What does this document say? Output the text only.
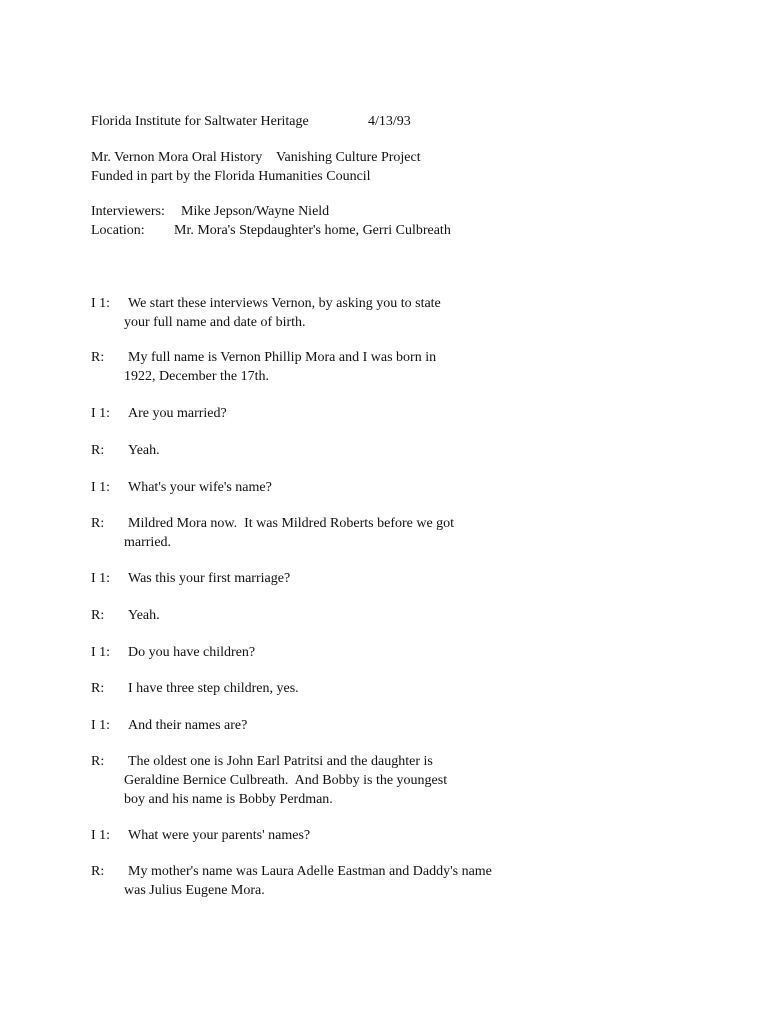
Florida Institute for Saltwater Heritage	4/13/93
Mr. Vernon Mora Oral History    Vanishing Culture Project
Funded in part by the Florida Humanities Council
Interviewers: Mike Jepson/Wayne Nield
Location: Mr. Mora's Stepdaughter's home, Gerri Culbreath
I 1: We start these interviews Vernon, by asking you to state
your full name and date of birth.
R: My full name is Vernon Phillip Mora and I was born in
1922, December the 17th.
I 1: Are you married?
R: Yeah.
I 1: What's your wife's name?
R: Mildred Mora now.  It was Mildred Roberts before we got
married.
I 1: Was this your first marriage?
R: Yeah.
I 1: Do you have children?
R: I have three step children, yes.
I 1: And their names are?
R: The oldest one is John Earl Patritsi and the daughter is
Geraldine Bernice Culbreath.  And Bobby is the youngest
boy and his name is Bobby Perdman.
I 1: What were your parents' names?
R: My mother's name was Laura Adelle Eastman and Daddy's name
was Julius Eugene Mora.
